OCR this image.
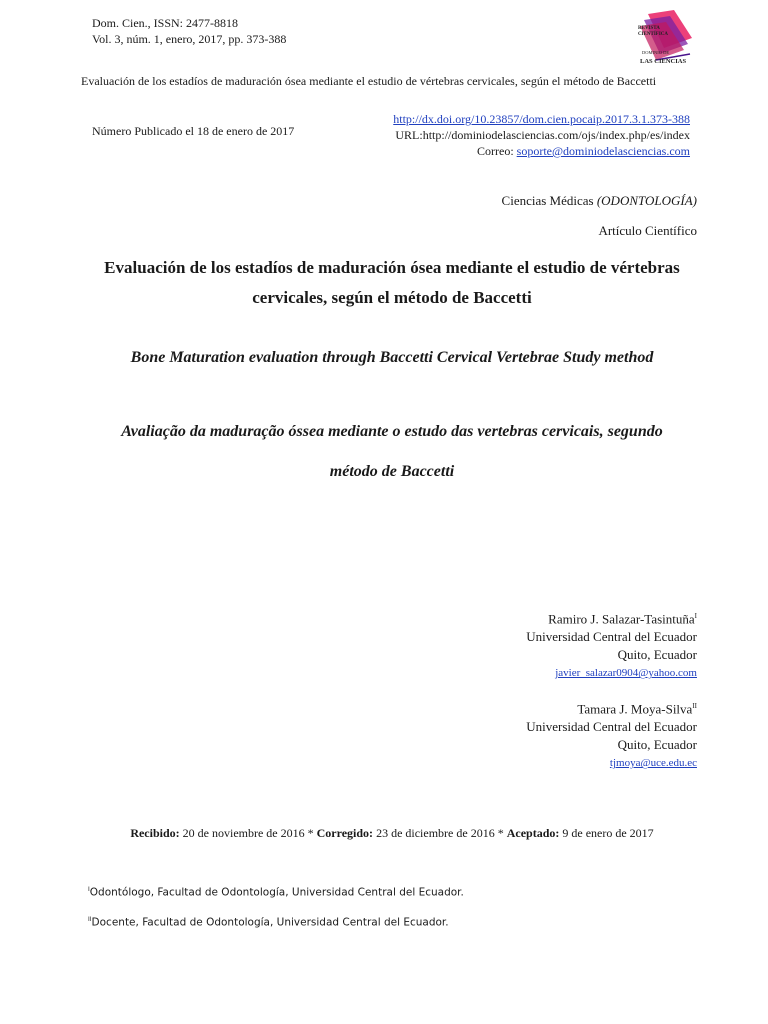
Dom. Cien., ISSN: 2477-8818
Vol. 3, núm. 1, enero, 2017, pp. 373-388
REVISTA
CIENTÍFICA
DOMINIO DE
LAS CIENCIAS
Evaluación de los estadíos de maduración ósea mediante el estudio de vértebras cervicales, según el método de Baccetti
Número Publicado el 18 de enero de 2017
http://dx.doi.org/10.23857/dom.cien.pocaip.2017.3.1.373-388
URL:http://dominiodelasciencias.com/ojs/index.php/es/index
Correo: soporte@dominiodelasciencias.com
Ciencias Médicas (ODONTOLOGÍA)
Artículo Científico
Evaluación de los estadíos de maduración ósea mediante el estudio de vértebras cervicales, según el método de Baccetti
Bone Maturation evaluation through Baccetti Cervical Vertebrae Study method
Avaliação da maduração óssea mediante o estudo das vertebras cervicais, segundo
método de Baccetti
Ramiro J. Salazar-Tasintuña$^I$
Universidad Central del Ecuador
Quito, Ecuador
javier_salazar0904@yahoo.com
Tamara J. Moya-Silva$^{II}$
Universidad Central del Ecuador
Quito, Ecuador
tjmoya@uce.edu.ec
Recibido: 20 de noviembre de 2016 * Corregido: 23 de diciembre de 2016 * Aceptado: 9 de enero de 2017
$^I$Odontólogo, Facultad de Odontología, Universidad Central del Ecuador.
$^{II}$Docente, Facultad de Odontología, Universidad Central del Ecuador.
